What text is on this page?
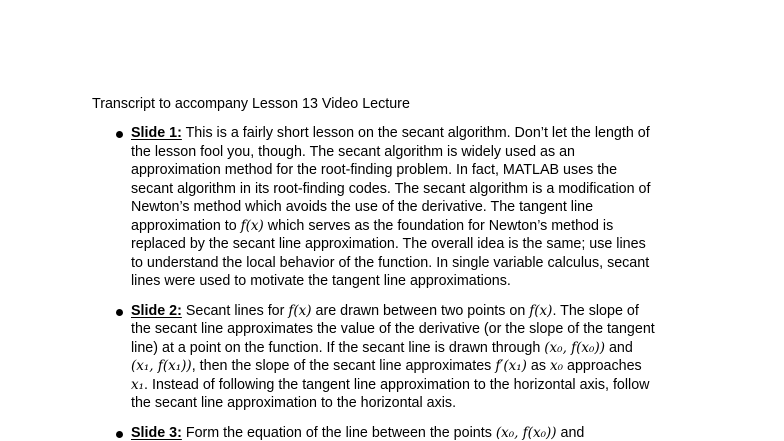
Transcript to accompany Lesson 13 Video Lecture
Slide 1: This is a fairly short lesson on the secant algorithm. Don’t let the length of
the lesson fool you, though. The secant algorithm is widely used as an
approximation method for the root-finding problem. In fact, MATLAB uses the
secant algorithm in its root-finding codes. The secant algorithm is a modification of
Newton’s method which avoids the use of the derivative. The tangent line
approximation to f(x) which serves as the foundation for Newton’s method is
replaced by the secant line approximation. The overall idea is the same; use lines
to understand the local behavior of the function. In single variable calculus, secant
lines were used to motivate the tangent line approximations.
Slide 2: Secant lines for f(x) are drawn between two points on f(x). The slope of
the secant line approximates the value of the derivative (or the slope of the tangent
line) at a point on the function. If the secant line is drawn through (x₀, f(x₀)) and
(x₁, f(x₁)), then the slope of the secant line approximates f′(x₁) as x₀ approaches
x₁. Instead of following the tangent line approximation to the horizontal axis, follow
the secant line approximation to the horizontal axis.
Slide 3: Form the equation of the line between the points (x₀, f(x₀)) and
